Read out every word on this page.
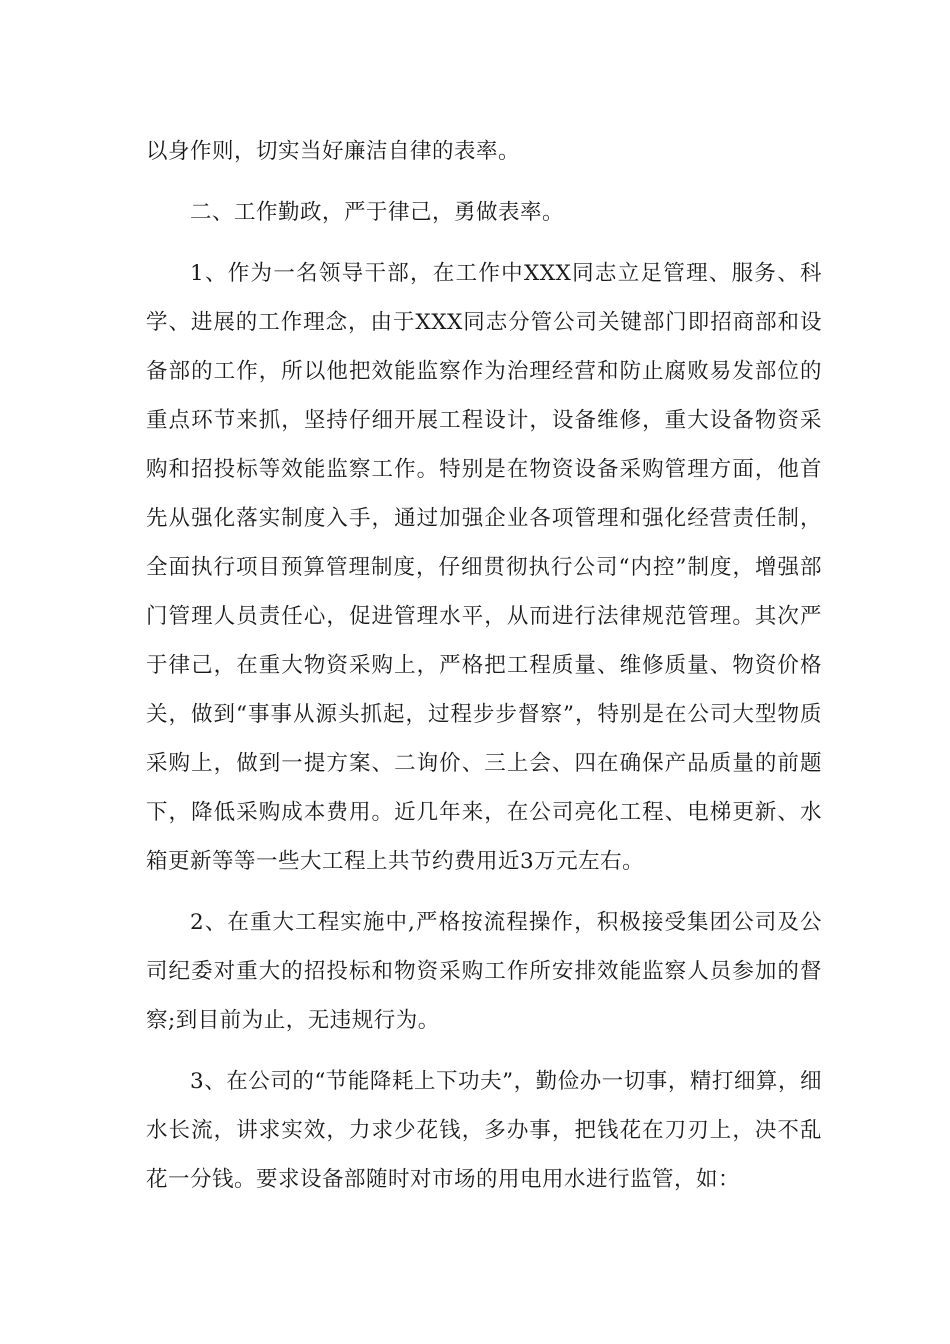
以身作则，切实当好廉洁自律的表率。

二、工作勤政，严于律己，勇做表率。

1、作为一名领导干部，在工作中XXX同志立足管理、服务、科学、进展的工作理念，由于XXX同志分管公司关键部门即招商部和设备部的工作，所以他把效能监察作为治理经营和防止腐败易发部位的重点环节来抓，坚持仔细开展工程设计，设备维修，重大设备物资采购和招投标等效能监察工作。特别是在物资设备采购管理方面，他首先从强化落实制度入手，通过加强企业各项管理和强化经营责任制，全面执行项目预算管理制度，仔细贯彻执行公司“内控”制度，增强部门管理人员责任心，促进管理水平，从而进行法律规范管理。其次严于律己，在重大物资采购上，严格把工程质量、维修质量、物资价格关，做到“事事从源头抓起，过程步步督察”，特别是在公司大型物质采购上，做到一提方案、二询价、三上会、四在确保产品质量的前题下，降低采购成本费用。近几年来，在公司亮化工程、电梯更新、水箱更新等等一些大工程上共节约费用近3万元左右。

2、在重大工程实施中,严格按流程操作，积极接受集团公司及公司纪委对重大的招投标和物资采购工作所安排效能监察人员参加的督察;到目前为止，无违规行为。

3、在公司的“节能降耗上下功夫”，勤俭办一切事，精打细算，细水长流，讲求实效，力求少花钱，多办事，把钱花在刀刃上，决不乱花一分钱。要求设备部随时对市场的用电用水进行监管，如：
